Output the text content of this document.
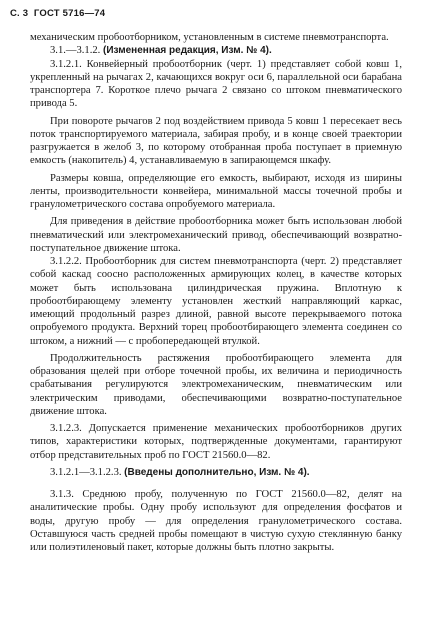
С. 3 ГОСТ 5716—74

механическим пробоотборником, установленным в системе пневмотранспорта.

3.1.—3.1.2. (Измененная редакция, Изм. № 4).

3.1.2.1. Конвейерный пробоотборник (черт. 1) представляет собой ковш 1, укрепленный на рычагах 2, качающихся вокруг оси 6, параллельной оси барабана транспортера 7. Короткое плечо рычага 2 связано со штоком пневматического привода 5.

При повороте рычагов 2 под воздействием привода 5 ковш 1 пересекает весь поток транспортируемого материала, забирая пробу, и в конце своей траектории разгружается в желоб 3, по которому отобранная проба поступает в приемную емкость (накопитель) 4, устанавливаемую в запирающемся шкафу.

Размеры ковша, определяющие его емкость, выбирают, исходя из ширины ленты, производительности конвейера, минимальной массы точечной пробы и гранулометрического состава опробуемого материала.

Для приведения в действие пробоотборника может быть использован любой пневматический или электромеханический привод, обеспечивающий возвратно-поступательное движение штока.

3.1.2.2. Пробоотборник для систем пневмотранспорта (черт. 2) представляет собой каскад соосно расположенных армирующих колец, в качестве которых может быть использована цилиндрическая пружина. Вплотную к пробоотбирающему элементу установлен жесткий направляющий каркас, имеющий продольный разрез длиной, равной высоте перекрываемого потока опробуемого продукта. Верхний торец пробоотбирающего элемента соединен со штоком, а нижний — с пробопередающей втулкой.

Продолжительность растяжения пробоотбирающего элемента для образования щелей при отборе точечной пробы, их величина и периодичность срабатывания регулируются электромеханическим, пневматическим или электрическим приводами, обеспечивающими возвратно-поступательное движение штока.

3.1.2.3. Допускается применение механических пробоотборников других типов, характеристики которых, подтвержденные документами, гарантируют отбор представительных проб по ГОСТ 21560.0—82.

3.1.2.1—3.1.2.3. (Введены дополнительно, Изм. № 4).

3.1.3. Среднюю пробу, полученную по ГОСТ 21560.0—82, делят на аналитические пробы. Одну пробу используют для определения фосфатов и воды, другую пробу — для определения гранулометрического состава. Оставшуюся часть средней пробы помещают в чистую сухую стеклянную банку или полиэтиленовый пакет, которые должны быть плотно закрыты.
